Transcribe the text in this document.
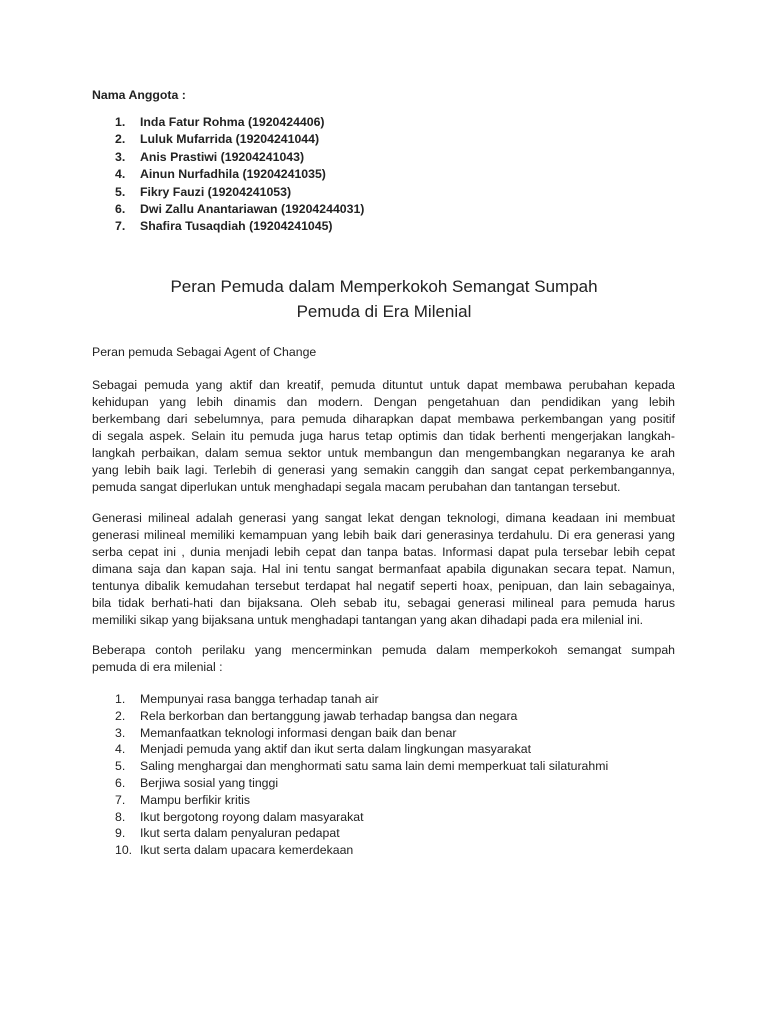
Nama Anggota :
1. Inda Fatur Rohma (1920424406)
2. Luluk Mufarrida (19204241044)
3. Anis Prastiwi (19204241043)
4. Ainun Nurfadhila (19204241035)
5. Fikry Fauzi (19204241053)
6. Dwi Zallu Anantariawan (19204244031)
7. Shafira Tusaqdiah (19204241045)
Peran Pemuda dalam Memperkokoh Semangat Sumpah
Pemuda di Era Milenial
Peran pemuda Sebagai Agent of Change
Sebagai pemuda yang aktif dan kreatif, pemuda dituntut untuk dapat membawa perubahan kepada
kehidupan yang lebih dinamis dan modern. Dengan pengetahuan dan pendidikan yang lebih
berkembang dari sebelumnya, para pemuda diharapkan dapat membawa perkembangan yang positif
di segala aspek. Selain itu pemuda juga harus tetap optimis dan tidak berhenti mengerjakan langkah-
langkah perbaikan, dalam semua sektor untuk membangun dan mengembangkan negaranya ke arah
yang lebih baik lagi. Terlebih di generasi yang semakin canggih dan sangat cepat perkembangannya,
pemuda sangat diperlukan untuk menghadapi segala macam perubahan dan tantangan tersebut.
Generasi milineal adalah generasi yang sangat lekat dengan teknologi, dimana keadaan ini membuat
generasi milineal memiliki kemampuan yang lebih baik dari generasinya terdahulu. Di era generasi yang
serba cepat ini , dunia menjadi lebih cepat dan tanpa batas. Informasi dapat pula tersebar lebih cepat
dimana saja dan kapan saja. Hal ini tentu sangat bermanfaat apabila digunakan secara tepat. Namun,
tentunya dibalik kemudahan tersebut terdapat hal negatif seperti hoax, penipuan, dan lain sebagainya,
bila tidak berhati-hati dan bijaksana. Oleh sebab itu, sebagai generasi milineal para pemuda harus
memiliki sikap yang bijaksana untuk menghadapi tantangan yang akan dihadapi pada era milenial ini.
Beberapa contoh perilaku yang mencerminkan pemuda dalam memperkokoh semangat sumpah
pemuda di era milenial :
1. Mempunyai rasa bangga terhadap tanah air
2. Rela berkorban dan bertanggung jawab terhadap bangsa dan negara
3. Memanfaatkan teknologi informasi dengan baik dan benar
4. Menjadi pemuda yang aktif dan ikut serta dalam lingkungan masyarakat
5. Saling menghargai dan menghormati satu sama lain demi memperkuat tali silaturahmi
6. Berjiwa sosial yang tinggi
7. Mampu berfikir kritis
8. Ikut bergotong royong dalam masyarakat
9. Ikut serta dalam penyaluran pedapat
10. Ikut serta dalam upacara kemerdekaan
